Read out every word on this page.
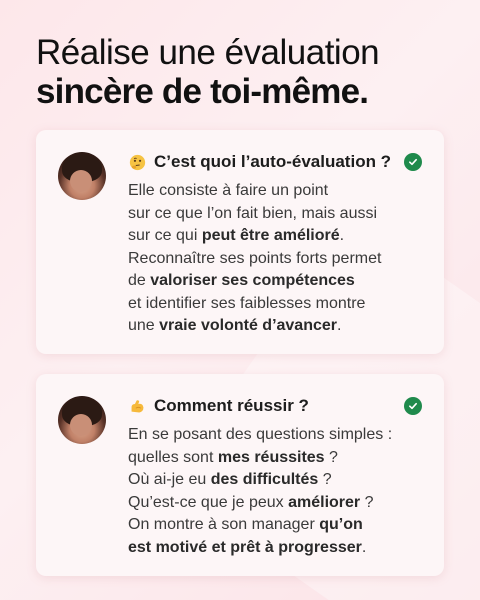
Réalise une évaluation
sincère de toi-même.
C’est quoi l’auto-évaluation ?
Elle consiste à faire un point
sur ce que l’on fait bien, mais aussi
sur ce qui peut être amélioré.
Reconnaître ses points forts permet
de valoriser ses compétences
et identifier ses faiblesses montre
une vraie volonté d’avancer.
Comment réussir ?
En se posant des questions simples :
quelles sont mes réussites ?
Où ai-je eu des difficultés ?
Qu’est-ce que je peux améliorer ?
On montre à son manager qu’on
est motivé et prêt à progresser.
